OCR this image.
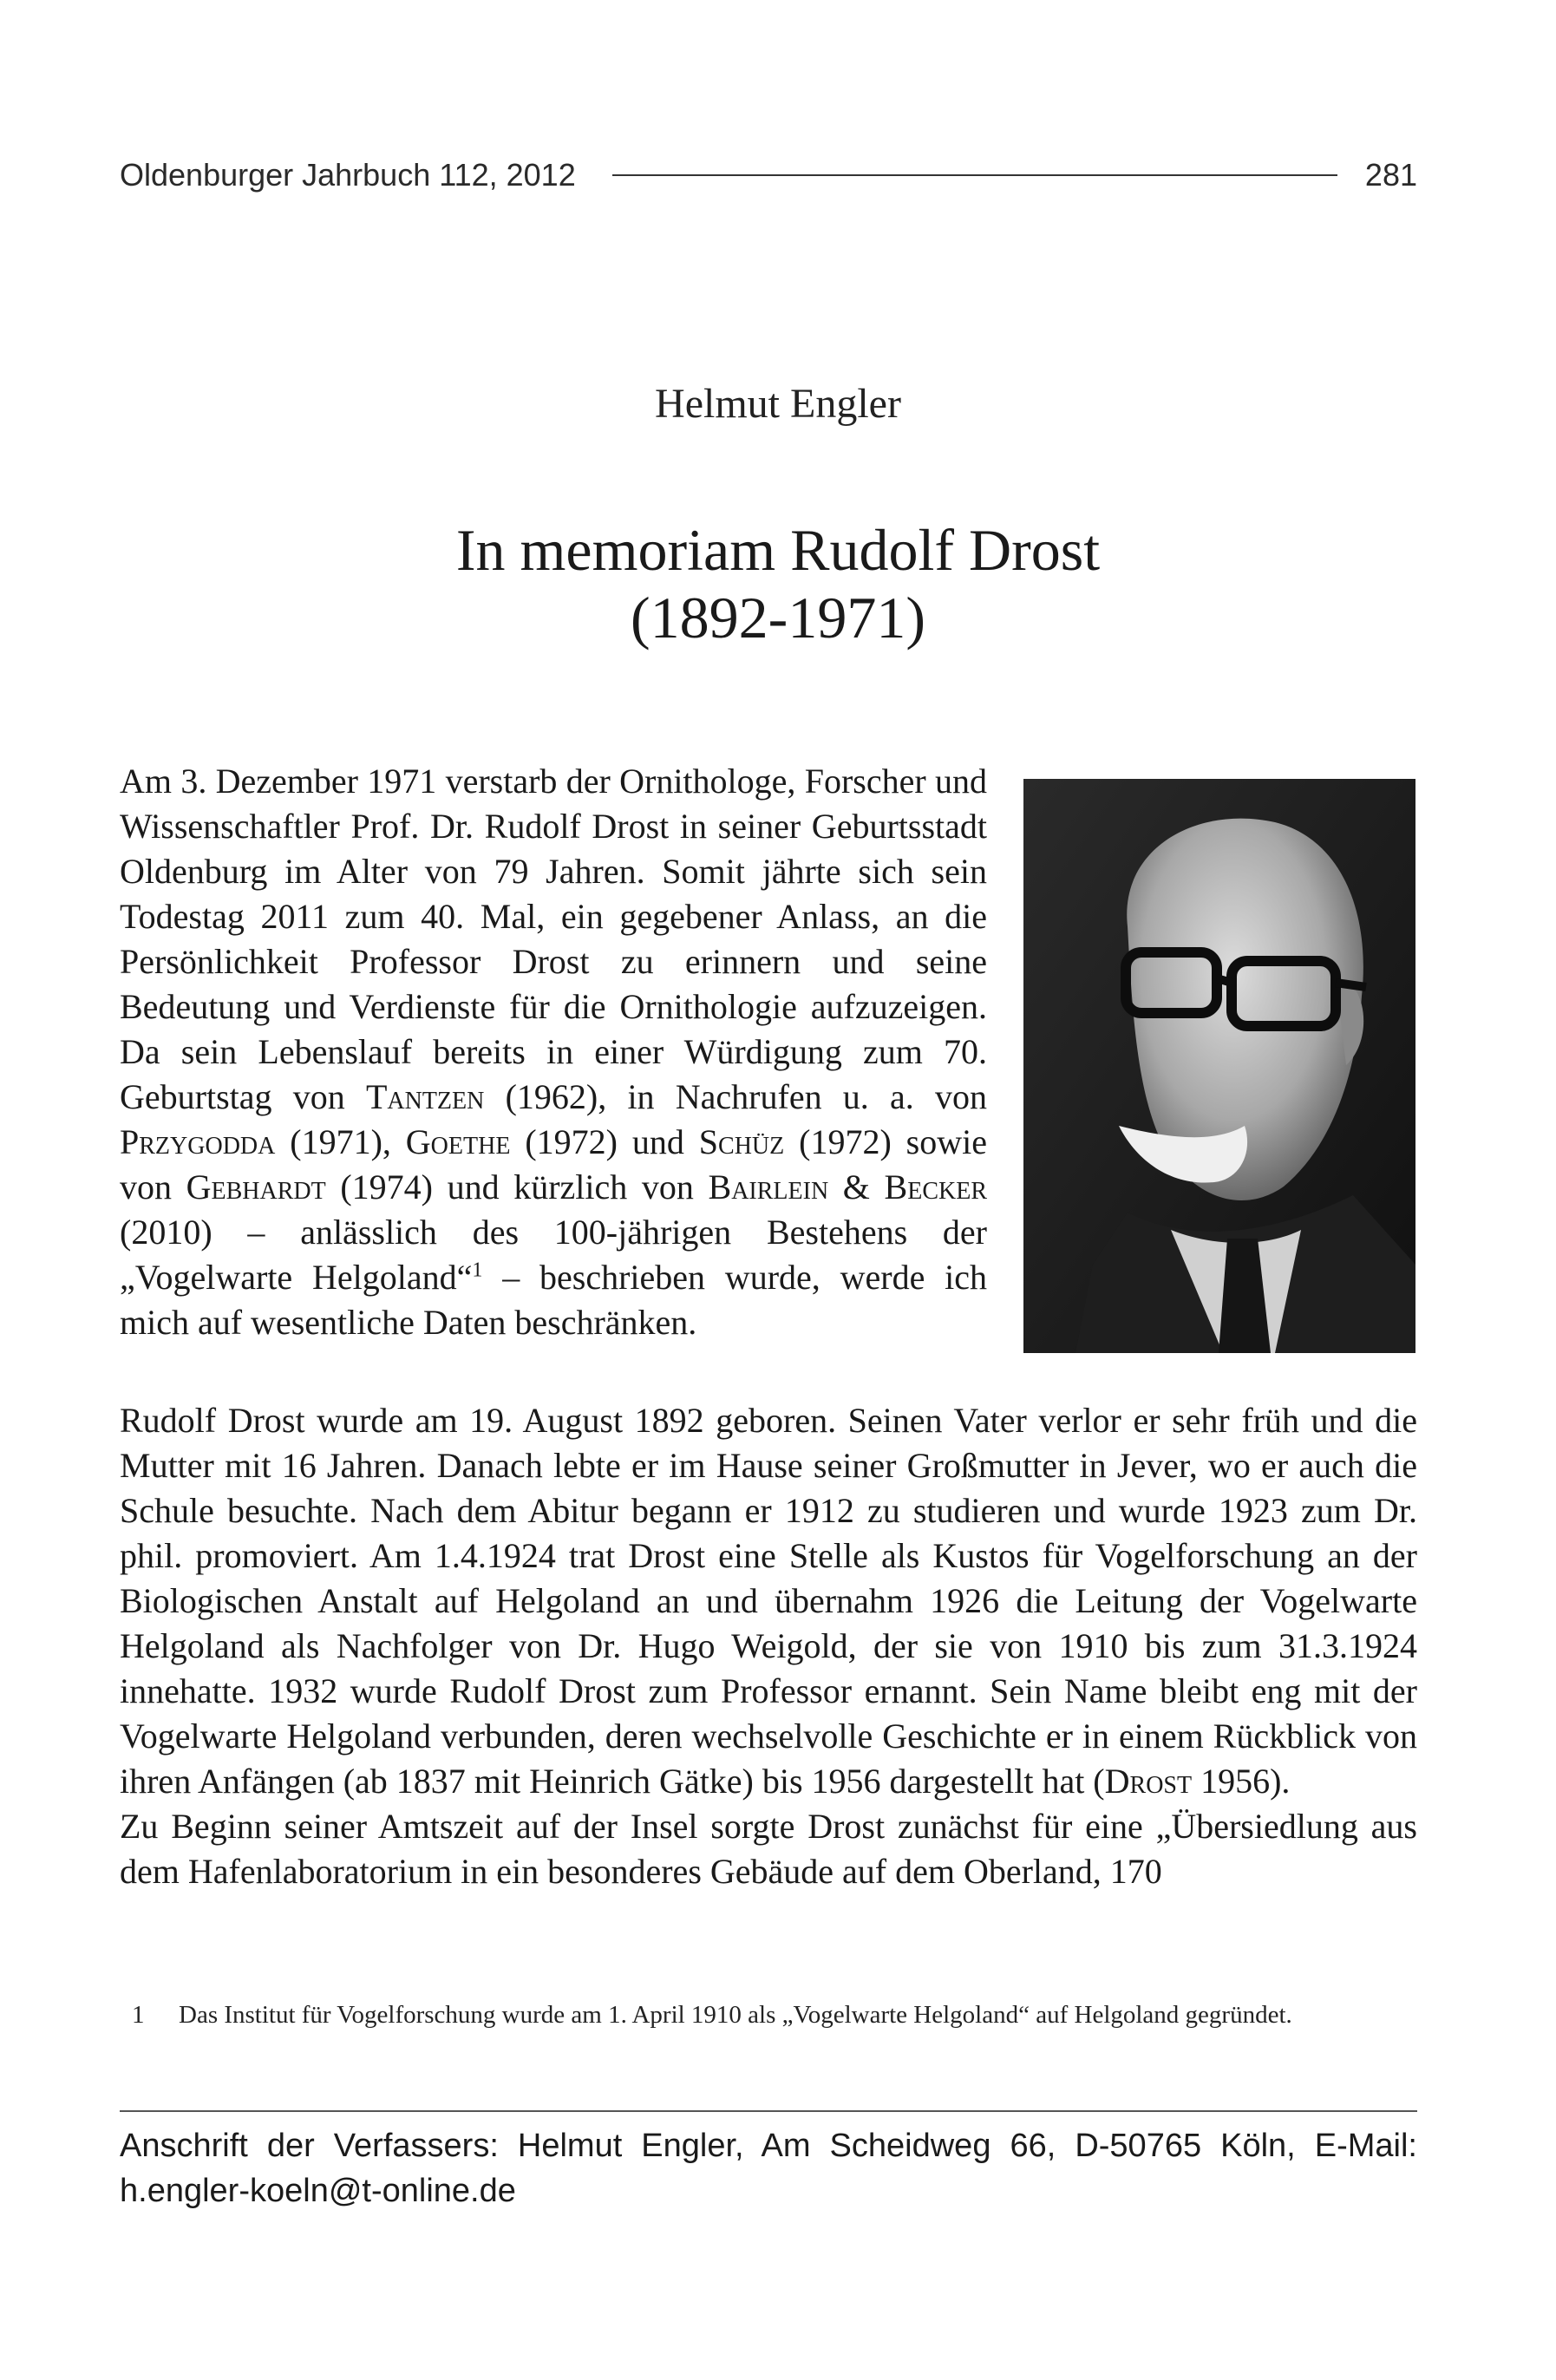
Oldenburger Jahrbuch 112, 2012	281
Helmut Engler
In memoriam Rudolf Drost
(1892-1971)
Am 3. Dezember 1971 verstarb der Ornithologe, Forscher und Wissenschaftler Prof. Dr. Rudolf Drost in seiner Geburtsstadt Oldenburg im Alter von 79 Jahren. Somit jährte sich sein Todestag 2011 zum 40. Mal, ein gegebener Anlass, an die Persönlichkeit Professor Drost zu erinnern und seine Bedeutung und Verdienste für die Ornithologie aufzuzeigen. Da sein Lebenslauf bereits in einer Würdigung zum 70. Geburtstag von Tantzen (1962), in Nachrufen u. a. von Przygodda (1971), Goethe (1972) und Schüz (1972) sowie von Gebhardt (1974) und kürzlich von Bairlein & Becker (2010) – anlässlich des 100-jährigen Bestehens der „Vogelwarte Helgoland“$^1$ – beschrieben wurde, werde ich mich auf wesentliche Daten beschränken.

Rudolf Drost wurde am 19. August 1892 geboren. Seinen Vater verlor er sehr früh und die Mutter mit 16 Jahren. Danach lebte er im Hause seiner Großmutter in Jever, wo er auch die Schule besuchte. Nach dem Abitur begann er 1912 zu studieren und wurde 1923 zum Dr. phil. promoviert. Am 1.4.1924 trat Drost eine Stelle als Kustos für Vogelforschung an der Biologischen Anstalt auf Helgoland an und übernahm 1926 die Leitung der Vogelwarte Helgoland als Nachfolger von Dr. Hugo Weigold, der sie von 1910 bis zum 31.3.1924 innehatte. 1932 wurde Rudolf Drost zum Professor ernannt. Sein Name bleibt eng mit der Vogelwarte Helgoland verbunden, deren wechselvolle Geschichte er in einem Rückblick von ihren Anfängen (ab 1837 mit Heinrich Gätke) bis 1956 dargestellt hat (Drost 1956).

Zu Beginn seiner Amtszeit auf der Insel sorgte Drost zunächst für eine „Übersiedlung aus dem Hafenlaboratorium in ein besonderes Gebäude auf dem Oberland, 170

1	Das Institut für Vogelforschung wurde am 1. April 1910 als „Vogelwarte Helgoland“ auf Helgoland gegründet.
Anschrift der Verfassers: Helmut Engler, Am Scheidweg 66, D-50765 Köln, E-Mail:
h.engler-koeln@t-online.de
